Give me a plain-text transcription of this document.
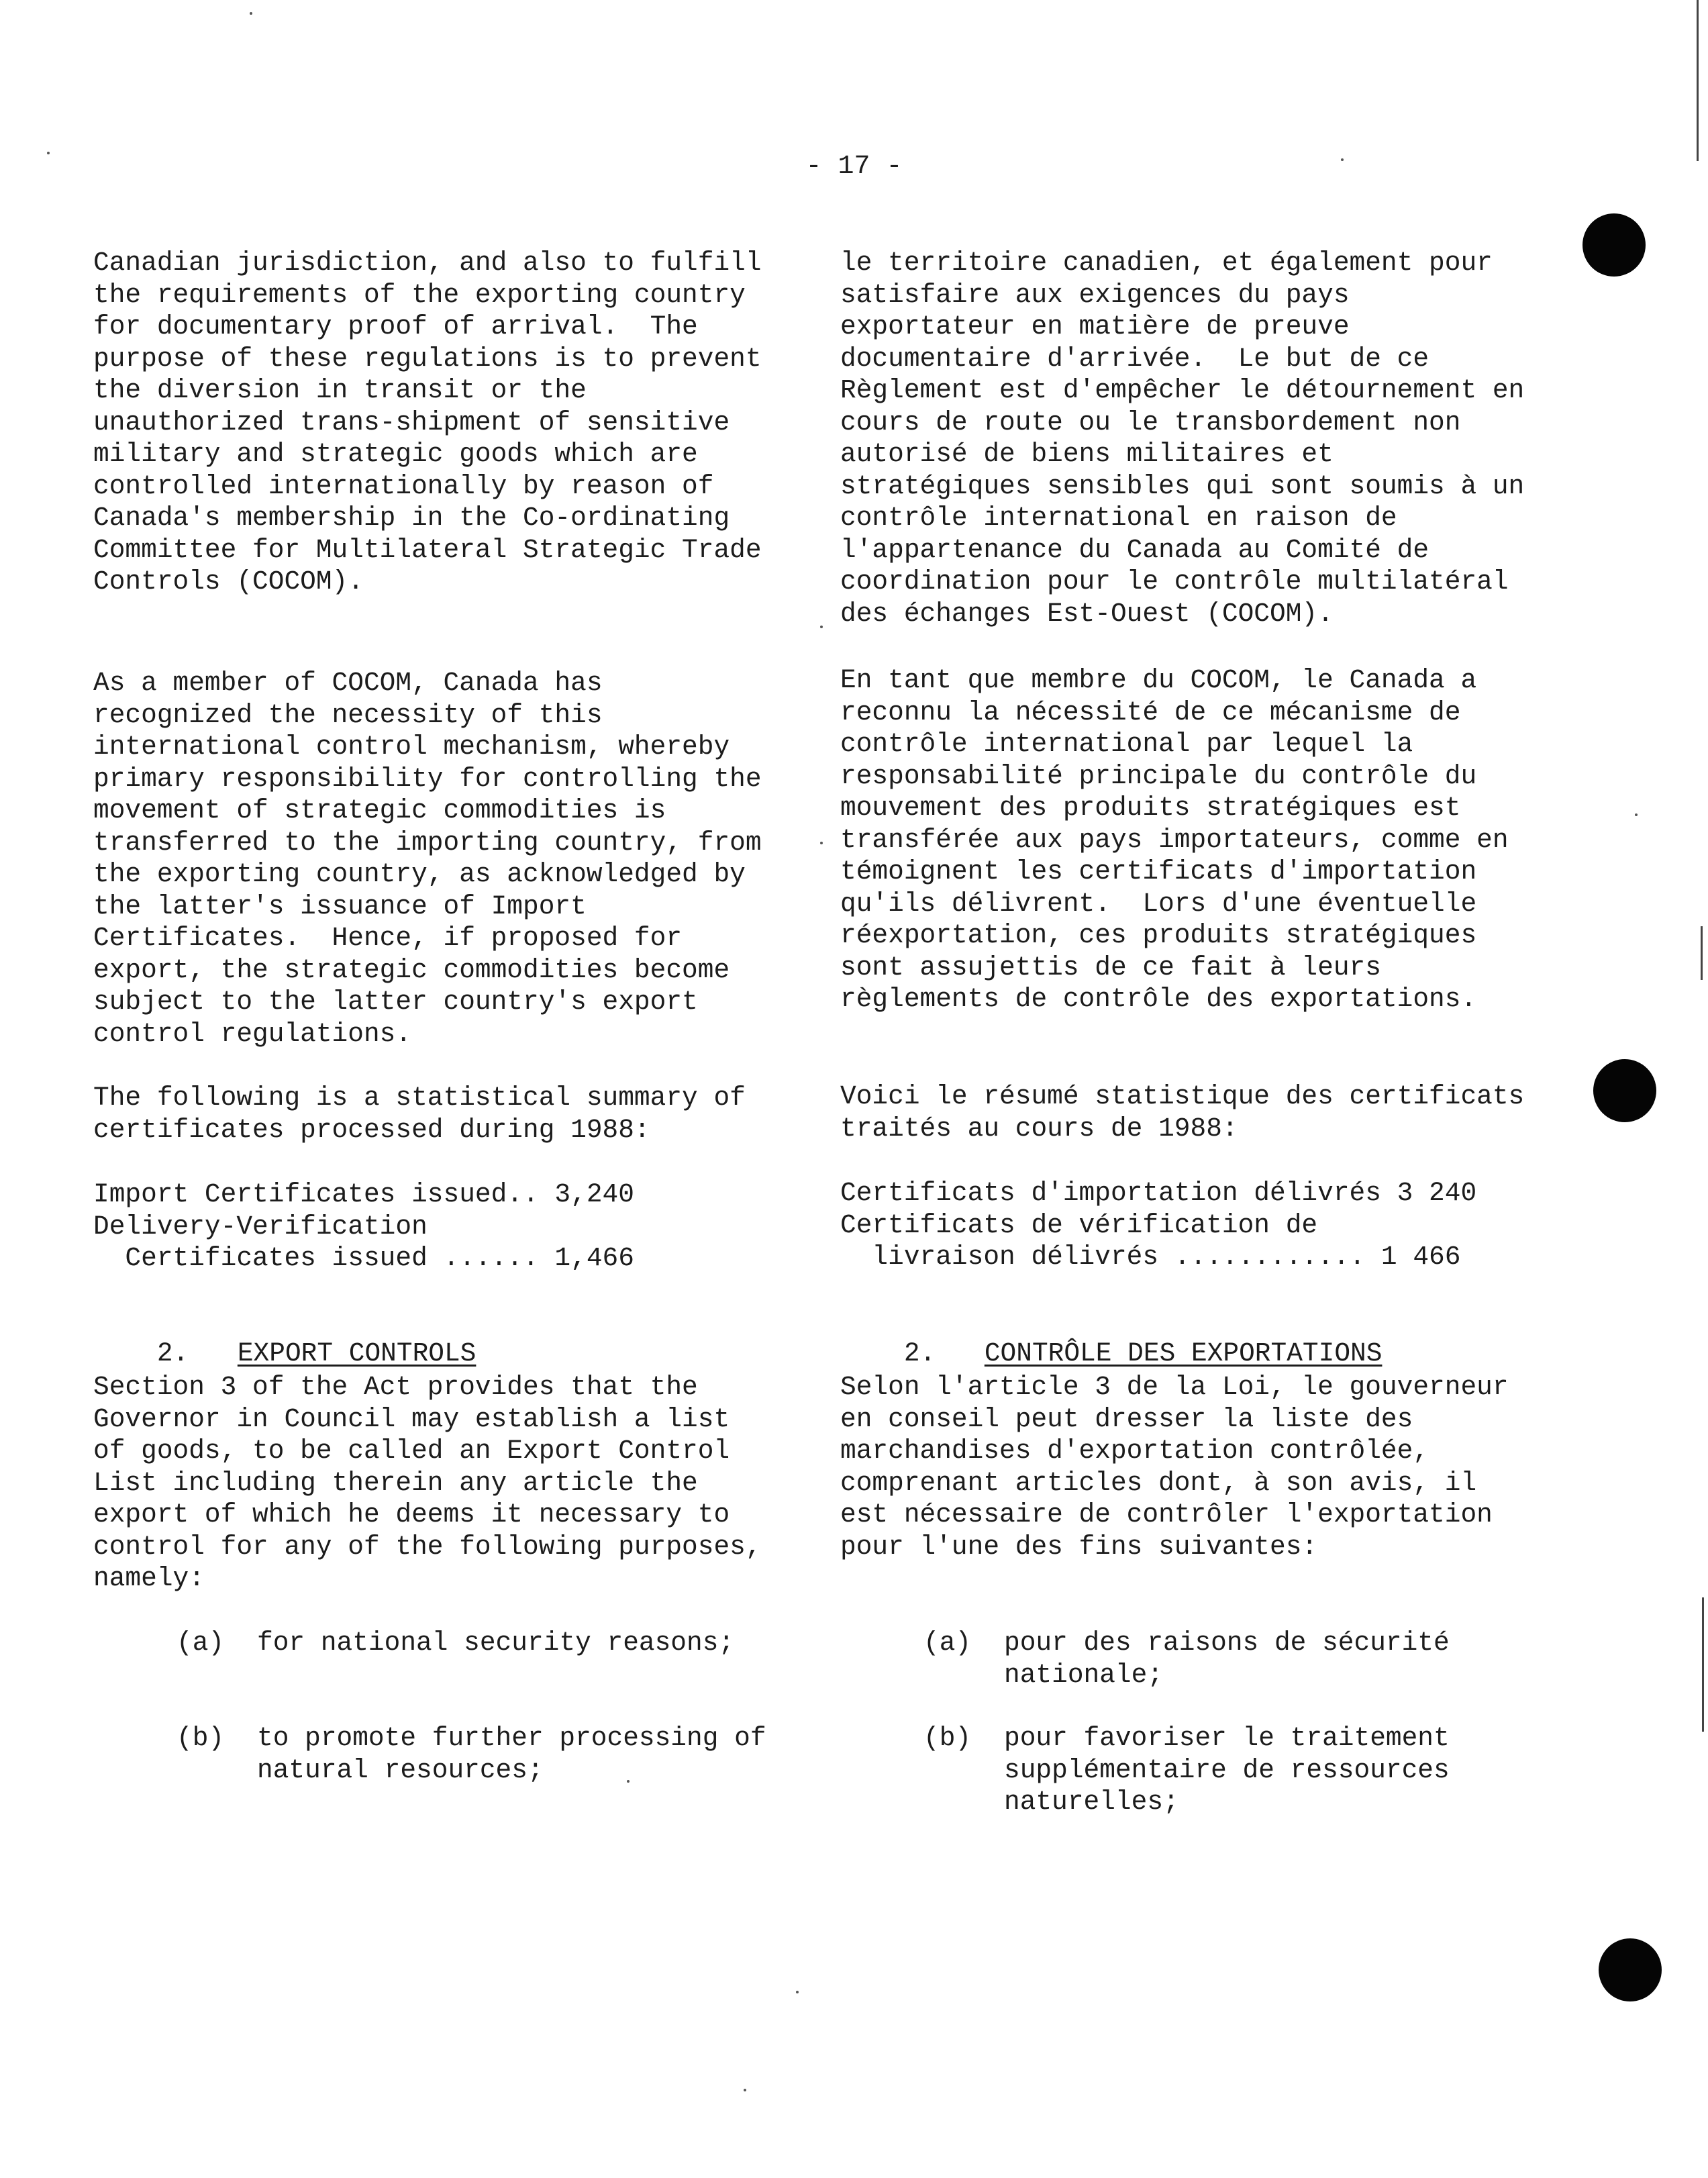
- 17 -
Canadian jurisdiction, and also to fulfill
the requirements of the exporting country
for documentary proof of arrival.  The
purpose of these regulations is to prevent
the diversion in transit or the
unauthorized trans-shipment of sensitive
military and strategic goods which are
controlled internationally by reason of
Canada's membership in the Co-ordinating
Committee for Multilateral Strategic Trade
Controls (COCOM).
As a member of COCOM, Canada has
recognized the necessity of this
international control mechanism, whereby
primary responsibility for controlling the
movement of strategic commodities is
transferred to the importing country, from
the exporting country, as acknowledged by
the latter's issuance of Import
Certificates.  Hence, if proposed for
export, the strategic commodities become
subject to the latter country's export
control regulations.
The following is a statistical summary of
certificates processed during 1988:
Import Certificates issued.. 3,240
Delivery-Verification
Certificates issued ...... 1,466

2. EXPORT CONTROLS

Section 3 of the Act provides that the
Governor in Council may establish a list
of goods, to be called an Export Control
List including therein any article the
export of which he deems it necessary to
control for any of the following purposes,
namely:
(a) for national security reasons;
(b) to promote further processing of
natural resources;
le territoire canadien, et également pour
satisfaire aux exigences du pays
exportateur en matière de preuve
documentaire d'arrivée.  Le but de ce
Règlement est d'empêcher le détournement en
cours de route ou le transbordement non
autorisé de biens militaires et
stratégiques sensibles qui sont soumis à un
contrôle international en raison de
l'appartenance du Canada au Comité de
coordination pour le contrôle multilatéral
des échanges Est-Ouest (COCOM).
En tant que membre du COCOM, le Canada a
reconnu la nécessité de ce mécanisme de
contrôle international par lequel la
responsabilité principale du contrôle du
mouvement des produits stratégiques est
transférée aux pays importateurs, comme en
témoignent les certificats d'importation
qu'ils délivrent.  Lors d'une éventuelle
réexportation, ces produits stratégiques
sont assujettis de ce fait à leurs
règlements de contrôle des exportations.
Voici le résumé statistique des certificats
traités au cours de 1988:
Certificats d'importation délivrés 3 240
Certificats de vérification de
livraison délivrés ............ 1 466

2. CONTRÔLE DES EXPORTATIONS

Selon l'article 3 de la Loi, le gouverneur
en conseil peut dresser la liste des
marchandises d'exportation contrôlée,
comprenant articles dont, à son avis, il
est nécessaire de contrôler l'exportation
pour l'une des fins suivantes:
(a) pour des raisons de sécurité
nationale;
(b) pour favoriser le traitement
supplémentaire de ressources
naturelles;
